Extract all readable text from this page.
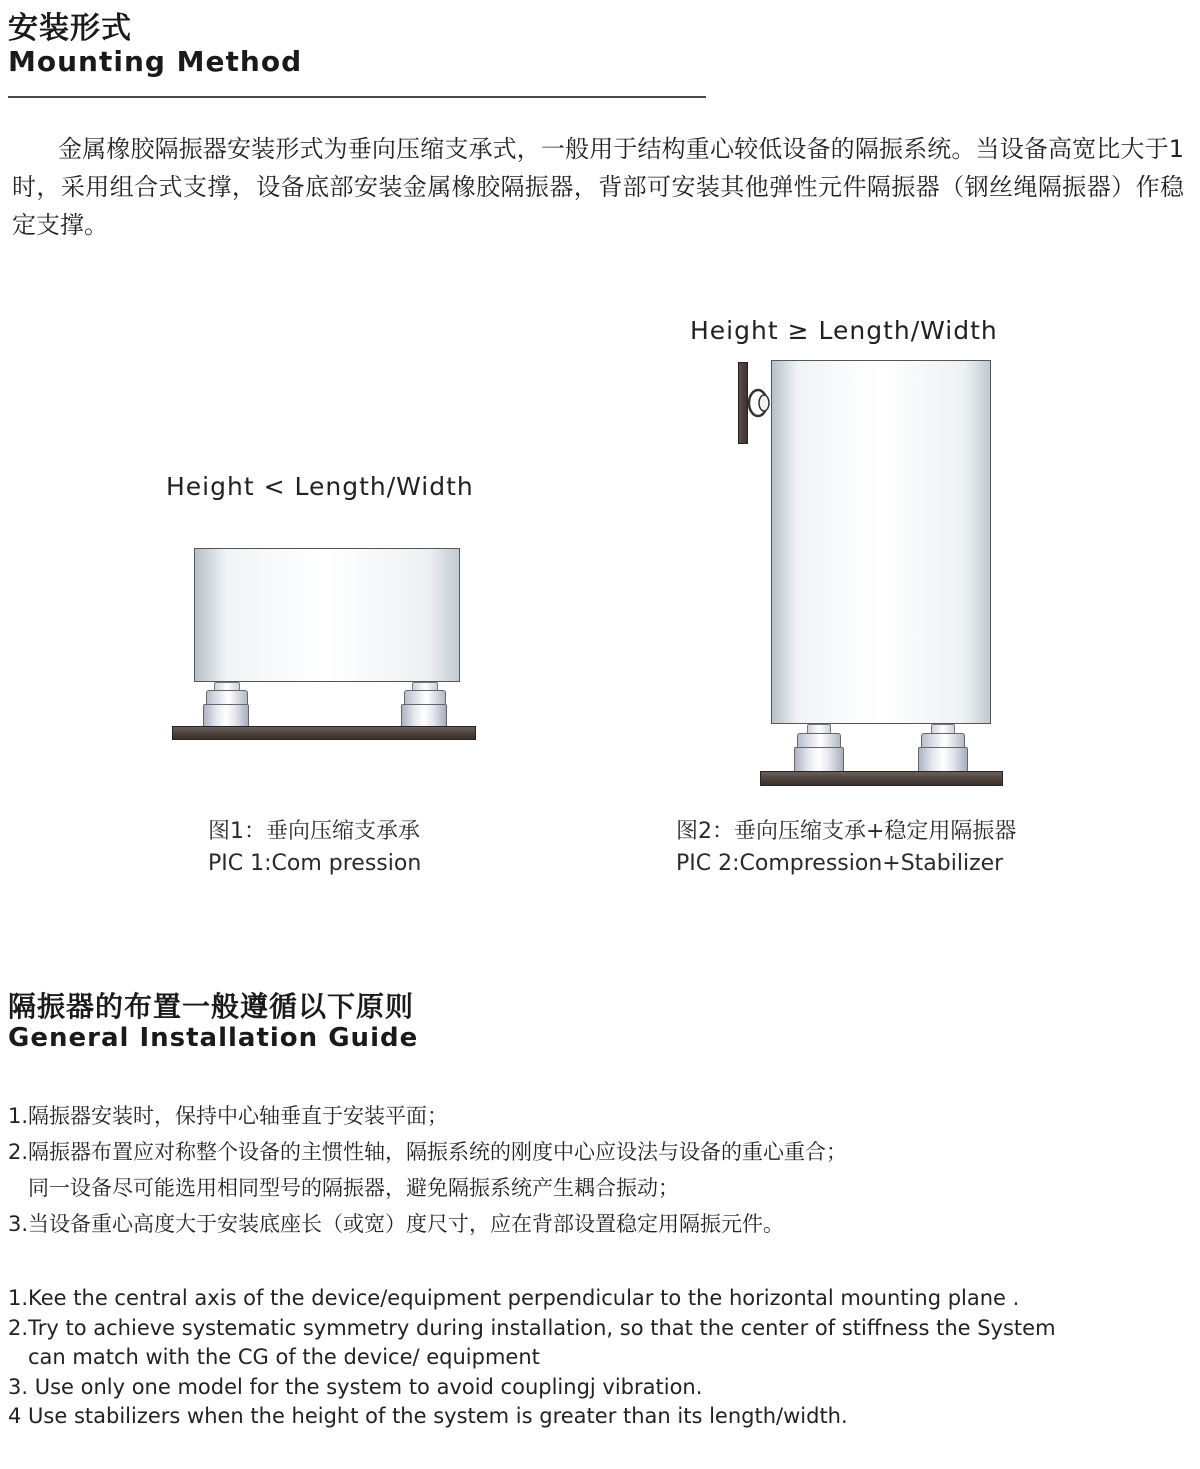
安装形式
Mounting Method
金属橡胶隔振器安装形式为垂向压缩支承式，一般用于结构重心较低设备的隔振系统。当设备高宽比大于1时，采用组合式支撑，设备底部安装金属橡胶隔振器，背部可安装其他弹性元件隔振器（钢丝绳隔振器）作稳定支撑。
Height < Length/Width
图1：垂向压缩支承承
PIC 1:Com pression
Height ≥ Length/Width
图2：垂向压缩支承+稳定用隔振器
PIC 2:Compression+Stabilizer
隔振器的布置一般遵循以下原则
General Installation Guide
1.隔振器安装时，保持中心轴垂直于安装平面；
2.隔振器布置应对称整个设备的主惯性轴，隔振系统的刚度中心应设法与设备的重心重合；
同一设备尽可能选用相同型号的隔振器，避免隔振系统产生耦合振动；
3.当设备重心高度大于安装底座长（或宽）度尺寸，应在背部设置稳定用隔振元件。
1.Kee the central axis of the device/equipment perpendicular to the horizontal mounting plane .
2.Try to achieve systematic symmetry during installation, so that the center of stiffness the System
can match with the CG of the device/ equipment
3. Use only one model for the system to avoid couplingj vibration.
4 Use stabilizers when the height of the system is greater than its length/width.
